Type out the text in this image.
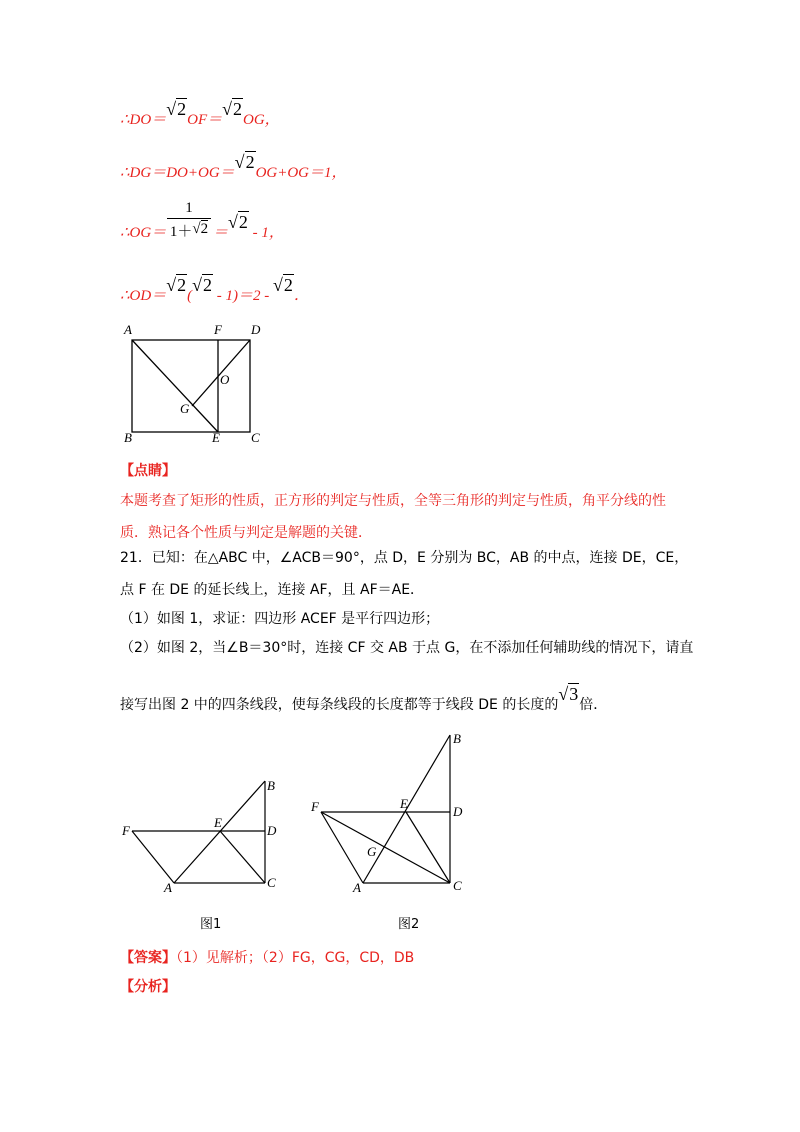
∴DO＝√2OF＝√2OG，
∴DG＝DO+OG＝√2OG+OG＝1，
∴OG＝ $\frac{1}{1+√2} =√2 - 1$，
∴OD＝√2(√2 - 1)＝2 - √2．
A	F D
O
G
B	E C
【点睛】
本题考查了矩形的性质，正方形的判定与性质，全等三角形的判定与性质，角平分线的性
质．熟记各个性质与判定是解题的关键．
21．已知：在△ABC 中，∠ACB＝90°，点 D，E 分别为 BC，AB 的中点，连接 DE，CE，
点 F 在 DE 的延长线上，连接 AF，且 AF＝AE．
（1）如图 1，求证：四边形 ACEF 是平行四边形；
（2）如图 2，当∠B＝30°时，连接 CF 交 AB 于点 G，在不添加任何辅助线的情况下，请直
接写出图 2 中的四条线段，使每条线段的长度都等于线段 DE 的长度的√3倍．
B
F
E
D
A	C
图1
B
F	E
D
G
A	C
图2
【答案】（1）见解析；（2）FG，CG，CD，DB
【分析】
